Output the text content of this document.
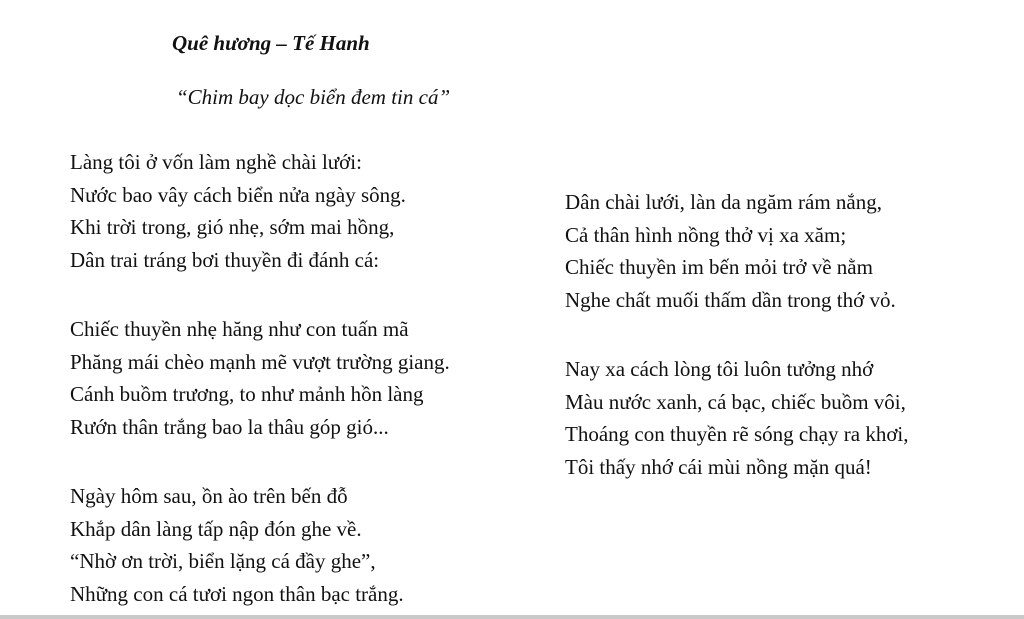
Quê hương – Tế Hanh
“Chim bay dọc biển đem tin cá”
Làng tôi ở vốn làm nghề chài lưới:
Nước bao vây cách biển nửa ngày sông.
Khi trời trong, gió nhẹ, sớm mai hồng,
Dân trai tráng bơi thuyền đi đánh cá:
Chiếc thuyền nhẹ hăng như con tuấn mã
Phăng mái chèo mạnh mẽ vượt trường giang.
Cánh buồm trương, to như mảnh hồn làng
Rướn thân trắng bao la thâu góp gió...
Ngày hôm sau, ồn ào trên bến đỗ
Khắp dân làng tấp nập đón ghe về.
“Nhờ ơn trời, biển lặng cá đầy ghe”,
Những con cá tươi ngon thân bạc trắng.
Dân chài lưới, làn da ngăm rám nắng,
Cả thân hình nồng thở vị xa xăm;
Chiếc thuyền im bến mỏi trở về nằm
Nghe chất muối thấm dần trong thớ vỏ.
Nay xa cách lòng tôi luôn tưởng nhớ
Màu nước xanh, cá bạc, chiếc buồm vôi,
Thoáng con thuyền rẽ sóng chạy ra khơi,
Tôi thấy nhớ cái mùi nồng mặn quá!
